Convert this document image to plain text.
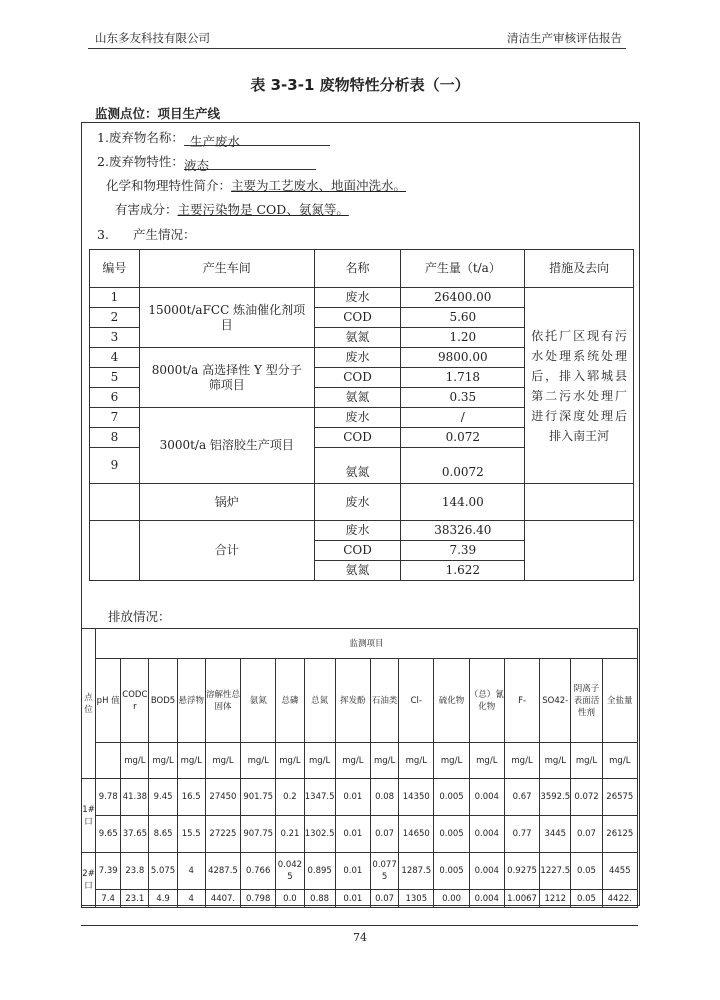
山东多友科技有限公司	清洁生产审核评估报告
表 3-3-1 废物特性分析表（一）
监测点位：项目生产线
1.废弃物名称： 生产废水
2.废弃物特性：液态
化学和物理特性简介：主要为工艺废水、地面冲洗水。
有害成分：主要污染物是 COD、氨氮等。
3. 产生情况：
编号	产生车间	名称	产生量（t/a）	措施及去向
1	15000t/aFCC 炼油催化剂项目	废水	26400.00	依托厂区现有污水处理系统处理后，排入郓城县第二污水处理厂进行深度处理后排入南王河
2		COD	5.60	
3		氨氮	1.20	
4	8000t/a 高选择性 Y 型分子筛项目	废水	9800.00	
5		COD	1.718	
6		氨氮	0.35	
7	3000t/a 铝溶胶生产项目	废水	/	
8		COD	0.072	
9		氨氮	0.0072	
	锅炉	废水	144.00	
	合计	废水	38326.40	
		COD	7.39	
		氨氮	1.622	
排放情况：
点位	监测项目																
	pH 值	CODCr	BOD5	悬浮物	溶解性总固体	氨氮	总磷	总氮	挥发酚	石油类	Cl-	硫化物	（总）氰化物	F-	SO42-	阴离子表面活性剂	全盐量
		mg/L	mg/L	mg/L	mg/L	mg/L	mg/L	mg/L	mg/L	mg/L	mg/L	mg/L	mg/L	mg/L	mg/L	mg/L	mg/L
1#口	9.78	41.38	9.45	16.5	27450	901.75	0.2	1347.5	0.01	0.08	14350	0.005	0.004	0.67	3592.5	0.072	26575
	9.65	37.65	8.65	15.5	27225	907.75	0.21	1302.5	0.01	0.07	14650	0.005	0.004	0.77	3445	0.07	26125
2#口	7.39	23.8	5.075	4	4287.5	0.766	0.0425	0.895	0.01	0.0775	1287.5	0.005	0.004	0.9275	1227.5	0.05	4455
	7.4	23.1	4.9	4	4407.	0.798	0.0	0.88	0.01	0.07	1305	0.00	0.004	1.0067	1212	0.05	4422.
74
